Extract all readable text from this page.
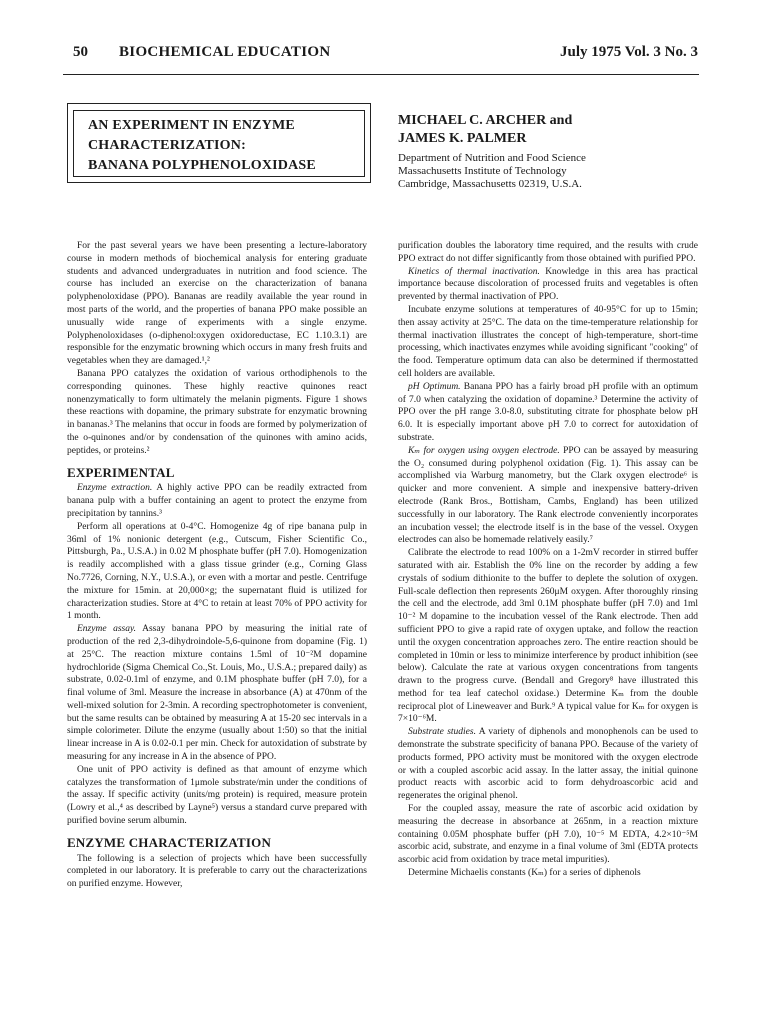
50 BIOCHEMICAL EDUCATION	July 1975 Vol. 3 No. 3
AN EXPERIMENT IN ENZYME
CHARACTERIZATION:
BANANA POLYPHENOLOXIDASE
MICHAEL C. ARCHER and
JAMES K. PALMER
Department of Nutrition and Food Science
Massachusetts Institute of Technology
Cambridge, Massachusetts 02319, U.S.A.

For the past several years we have been presenting a lecture-laboratory course in modern methods of biochemical analysis for entering graduate students and advanced undergraduates in nutrition and food science. The course has included an exercise on the characterization of banana polyphenoloxidase (PPO). Bananas are readily available the year round in most parts of the world, and the properties of banana PPO make possible an unusually wide range of experiments with a single enzyme. Polyphenoloxidases (o-diphenol:oxygen oxidoreductase, EC 1.10.3.1) are responsible for the enzymatic browning which occurs in many fresh fruits and vegetables when they are damaged.¹,²

Banana PPO catalyzes the oxidation of various orthodiphenols to the corresponding quinones. These highly reactive quinones react nonenzymatically to form ultimately the melanin pigments. Figure 1 shows these reactions with dopamine, the primary substrate for enzymatic browning in bananas.³ The melanins that occur in foods are formed by polymerization of the o-quinones and/or by condensation of the quinones with amino acids, peptides, or proteins.²

EXPERIMENTAL

Enzyme extraction. A highly active PPO can be readily extracted from banana pulp with a buffer containing an agent to protect the enzyme from precipitation by tannins.³

Perform all operations at 0-4°C. Homogenize 4g of ripe banana pulp in 36ml of 1% nonionic detergent (e.g., Cutscum, Fisher Scientific Co., Pittsburgh, Pa., U.S.A.) in 0.02 M phosphate buffer (pH 7.0). Homogenization is readily accomplished with a glass tissue grinder (e.g., Corning Glass No.7726, Corning, N.Y., U.S.A.), or even with a mortar and pestle. Centrifuge the mixture for 15min. at 20,000×g; the supernatant fluid is utilized for characterization studies. Store at 4°C to retain at least 70% of PPO activity for 1 month.

Enzyme assay. Assay banana PPO by measuring the initial rate of production of the red 2,3-dihydroindole-5,6-quinone from dopamine (Fig. 1) at 25°C. The reaction mixture contains 1.5ml of 10⁻²M dopamine hydrochloride (Sigma Chemical Co.,St. Louis, Mo., U.S.A.; prepared daily) as substrate, 0.02-0.1ml of enzyme, and 0.1M phosphate buffer (pH 7.0), for a final volume of 3ml. Measure the increase in absorbance (A) at 470nm of the well-mixed solution for 2-3min. A recording spectrophotometer is convenient, but the same results can be obtained by measuring A at 15-20 sec intervals in a simple colorimeter. Dilute the enzyme (usually about 1:50) so that the initial linear increase in A is 0.02-0.1 per min. Check for autoxidation of substrate by measuring for any increase in A in the absence of PPO.

One unit of PPO activity is defined as that amount of enzyme which catalyzes the transformation of 1μmole substrate/min under the conditions of the assay. If specific activity (units/mg protein) is required, measure protein (Lowry et al.,⁴ as described by Layne⁵) versus a standard curve prepared with purified bovine serum albumin.

ENZYME CHARACTERIZATION

The following is a selection of projects which have been successfully completed in our laboratory. It is preferable to carry out the characterizations on purified enzyme. However,

purification doubles the laboratory time required, and the results with crude PPO extract do not differ significantly from those obtained with purified PPO.

Kinetics of thermal inactivation. Knowledge in this area has practical importance because discoloration of processed fruits and vegetables is often prevented by thermal inactivation of PPO.

Incubate enzyme solutions at temperatures of 40-95°C for up to 15min; then assay activity at 25°C. The data on the time-temperature relationship for thermal inactivation illustrates the concept of high-temperature, short-time processing, which inactivates enzymes while avoiding significant "cooking" of the food. Temperature optimum data can also be determined if thermostatted cell holders are available.

pH Optimum. Banana PPO has a fairly broad pH profile with an optimum of 7.0 when catalyzing the oxidation of dopamine.³ Determine the activity of PPO over the pH range 3.0-8.0, substituting citrate for phosphate below pH 6.0. It is especially important above pH 7.0 to correct for autoxidation of substrate.

Kₘ for oxygen using oxygen electrode. PPO can be assayed by measuring the O₂ consumed during polyphenol oxidation (Fig. 1). This assay can be accomplished via Warburg manometry, but the Clark oxygen electrode⁶ is quicker and more convenient. A simple and inexpensive battery-driven electrode (Rank Bros., Bottisham, Cambs, England) has been utilized successfully in our laboratory. The Rank electrode conveniently incorporates an incubation vessel; the electrode itself is in the base of the vessel. Oxygen electrodes can also be homemade relatively easily.⁷

Calibrate the electrode to read 100% on a 1-2mV recorder in stirred buffer saturated with air. Establish the 0% line on the recorder by adding a few crystals of sodium dithionite to the buffer to deplete the solution of oxygen. Full-scale deflection then represents 260μM oxygen. After thoroughly rinsing the cell and the electrode, add 3ml 0.1M phosphate buffer (pH 7.0) and 1ml 10⁻² M dopamine to the incubation vessel of the Rank electrode. Then add sufficient PPO to give a rapid rate of oxygen uptake, and follow the reaction until the oxygen concentration approaches zero. The entire reaction should be completed in 10min or less to minimize interference by product inhibition (see below). Calculate the rate at various oxygen concentrations from tangents drawn to the progress curve. (Bendall and Gregory⁸ have illustrated this method for tea leaf catechol oxidase.) Determine Kₘ from the double reciprocal plot of Lineweaver and Burk.⁹ A typical value for Kₘ for oxygen is 7×10⁻⁶M.

Substrate studies. A variety of diphenols and monophenols can be used to demonstrate the substrate specificity of banana PPO. Because of the variety of products formed, PPO activity must be monitored with the oxygen electrode or with a coupled ascorbic acid assay. In the latter assay, the initial quinone product reacts with ascorbic acid to form dehydroascorbic acid and regenerates the original phenol.

For the coupled assay, measure the rate of ascorbic acid oxidation by measuring the decrease in absorbance at 265nm, in a reaction mixture containing 0.05M phosphate buffer (pH 7.0), 10⁻⁵ M EDTA, 4.2×10⁻⁵M ascorbic acid, substrate, and enzyme in a final volume of 3ml (EDTA protects ascorbic acid from oxidation by trace metal impurities).

Determine Michaelis constants (Kₘ) for a series of diphenols
